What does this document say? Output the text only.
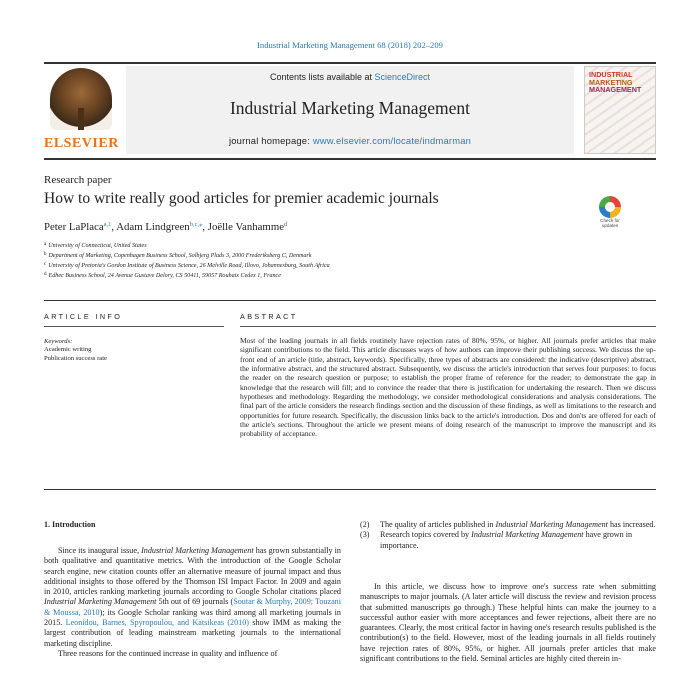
Industrial Marketing Management 68 (2018) 202–209
ELSEVIER
Contents lists available at ScienceDirect
Industrial Marketing Management
journal homepage: www.elsevier.com/locate/indmarman
INDUSTRIAL
MARKETING
MANAGEMENT
Research paper
How to write really good articles for premier academic journals
Check for
updates
Peter LaPlaca$^{a,1}$, Adam Lindgreen$^{b,c,⁎}$, Joëlle Vanhamme$^d$
$^a$ University of Connecticut, United States
$^b$ Department of Marketing, Copenhagen Business School, Solbjerg Plads 3, 2000 Frederiksberg C, Denmark
$^c$ University of Pretoria's Gordon Institute of Business Science, 26 Melville Road, Illovo, Johannesburg, South Africa
$^d$ Edhec Business School, 24 Avenue Gustave Delory, CS 50411, 59057 Roubaix Cedex 1, France
ARTICLE INFO
Keywords:
Academic writing
Publication success rate
ABSTRACT
Most of the leading journals in all fields routinely have rejection rates of 80%, 95%, or higher. All journals prefer articles that make significant contributions to the field. This article discusses ways of how authors can improve their publishing success. We discuss the up-front end of an article (title, abstract, keywords). Specifically, three types of abstracts are considered: the indicative (descriptive) abstract, the informative abstract, and the structured abstract. Subsequently, we discuss the article's introduction that serves four purposes: to focus the reader on the research question or purpose; to establish the proper frame of reference for the reader; to demonstrate the gap in knowledge that the research will fill; and to convince the reader that there is justification for undertaking the research. Then we discuss hypotheses and methodology. Regarding the methodology, we consider methodological considerations and analysis considerations. The final part of the article considers the research findings section and the discussion of these findings, as well as limitations to the research and opportunities for future research. Specifically, the discussion links back to the article's introduction. Dos and don'ts are offered for each of the article's sections. Throughout the article we present means of doing research of the manuscript to improve the manuscript and its probability of acceptance.
1. Introduction

Since its inaugural issue, Industrial Marketing Management has grown substantially in both qualitative and quantitative metrics. With the introduction of the Google Scholar search engine, new citation counts offer an alternative measure of journal impact and thus additional insights to those offered by the Thomson ISI Impact Factor. In 2009 and again in 2010, articles ranking marketing journals according to Google Scholar citations placed Industrial Marketing Management 5th out of 69 journals (Soutar & Murphy, 2009; Touzani & Moussa, 2010); its Google Scholar ranking was third among all marketing journals in 2015. Leonidou, Barnes, Spyropoulou, and Katsikeas (2010) show IMM as making the largest contribution of leading mainstream marketing journals to the international marketing discipline.

Three reasons for the continued increase in quality and influence of

(2) The quality of articles published in Industrial Marketing Management has increased.
(3) Research topics covered by Industrial Marketing Management have grown in importance.

In this article, we discuss how to improve one's success rate when submitting manuscripts to major journals. (A later article will discuss the review and revision process that submitted manuscripts go through.) These helpful hints can make the journey to a successful author easier with more acceptances and fewer rejections, albeit there are no guarantees. Clearly, the most critical factor in having one's research results published is the contribution(s) to the field. However, most of the leading journals in all fields routinely have rejection rates of 80%, 95%, or higher. All journals prefer articles that make significant contributions to the field. Seminal articles are highly cited therein in-
